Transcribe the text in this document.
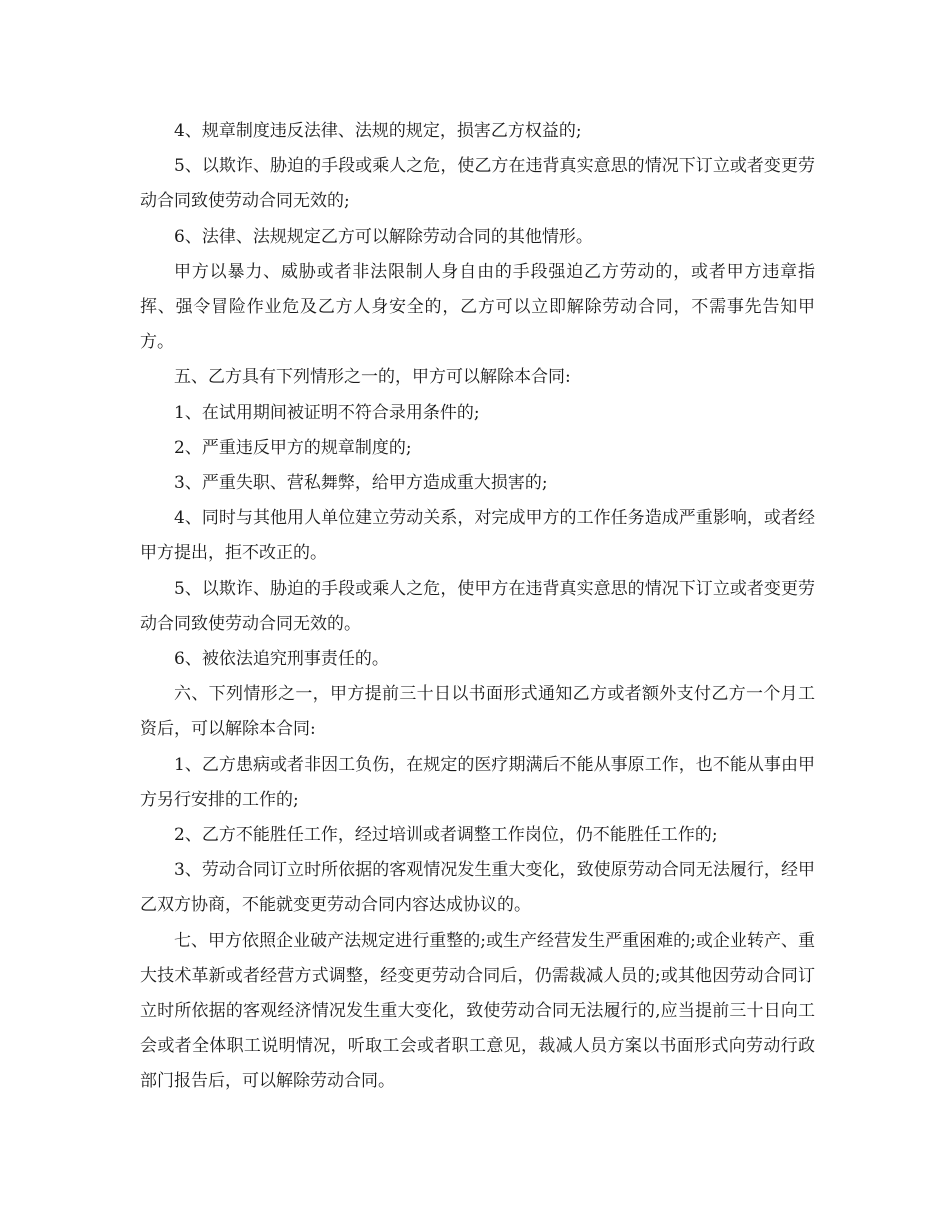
4、规章制度违反法律、法规的规定，损害乙方权益的;

5、以欺诈、胁迫的手段或乘人之危，使乙方在违背真实意思的情况下订立或者变更劳动合同致使劳动合同无效的;

6、法律、法规规定乙方可以解除劳动合同的其他情形。

甲方以暴力、威胁或者非法限制人身自由的手段强迫乙方劳动的，或者甲方违章指挥、强令冒险作业危及乙方人身安全的，乙方可以立即解除劳动合同，不需事先告知甲方。

五、乙方具有下列情形之一的，甲方可以解除本合同:

1、在试用期间被证明不符合录用条件的;

2、严重违反甲方的规章制度的;

3、严重失职、营私舞弊，给甲方造成重大损害的;

4、同时与其他用人单位建立劳动关系，对完成甲方的工作任务造成严重影响，或者经甲方提出，拒不改正的。

5、以欺诈、胁迫的手段或乘人之危，使甲方在违背真实意思的情况下订立或者变更劳动合同致使劳动合同无效的。

6、被依法追究刑事责任的。

六、下列情形之一，甲方提前三十日以书面形式通知乙方或者额外支付乙方一个月工资后，可以解除本合同:

1、乙方患病或者非因工负伤，在规定的医疗期满后不能从事原工作，也不能从事由甲方另行安排的工作的;

2、乙方不能胜任工作，经过培训或者调整工作岗位，仍不能胜任工作的;

3、劳动合同订立时所依据的客观情况发生重大变化，致使原劳动合同无法履行，经甲乙双方协商，不能就变更劳动合同内容达成协议的。

七、甲方依照企业破产法规定进行重整的;或生产经营发生严重困难的;或企业转产、重大技术革新或者经营方式调整，经变更劳动合同后，仍需裁减人员的;或其他因劳动合同订立时所依据的客观经济情况发生重大变化，致使劳动合同无法履行的,应当提前三十日向工会或者全体职工说明情况，听取工会或者职工意见，裁减人员方案以书面形式向劳动行政部门报告后，可以解除劳动合同。
